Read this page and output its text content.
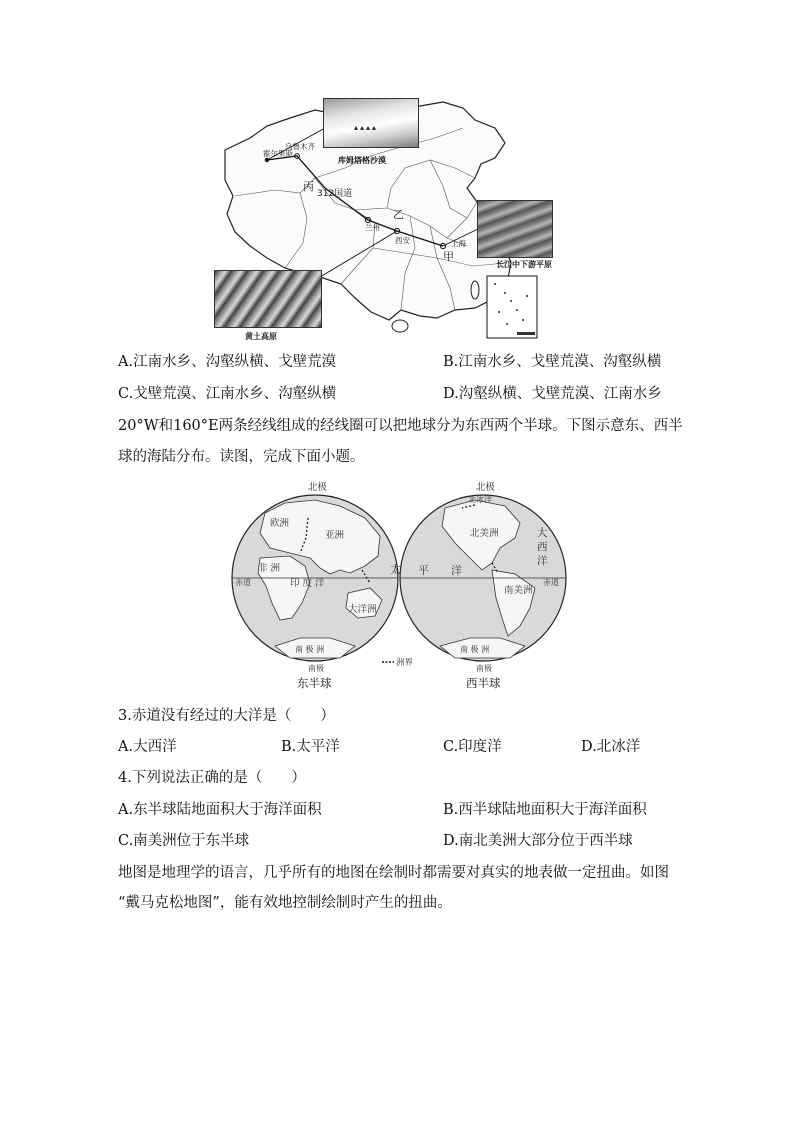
乌鲁木齐
霍尔果斯
丙
312国道
兰州
西安	上海
乙
甲
▴▴▴▴
库姆塔格沙漠
长江中下游平原
黄土高原
A.江南水乡、沟壑纵横、戈壁荒漠	B.江南水乡、戈壁荒漠、沟壑纵横
C.戈壁荒漠、江南水乡、沟壑纵横	D.沟壑纵横、戈壁荒漠、江南水乡
20°W和160°E两条经线组成的经线圈可以把地球分为东西两个半球。下图示意东、西半
球的海陆分布。读图，完成下面小题。
北极
欧洲
亚洲
非 洲
赤道	印 度 洋
大洋洲
太
南 极 洲
南极
北极
北冰洋
北美洲
平　　洋
赤道
南美洲
南 极 洲
南极
大西洋
洲界
东半球	西半球
3.赤道没有经过的大洋是（　　）
A.大西洋	B.太平洋	C.印度洋	D.北冰洋
4.下列说法正确的是（　　）
A.东半球陆地面积大于海洋面积	B.西半球陆地面积大于海洋面积
C.南美洲位于东半球	D.南北美洲大部分位于西半球
地图是地理学的语言，几乎所有的地图在绘制时都需要对真实的地表做一定扭曲。如图
“戴马克松地图”，能有效地控制绘制时产生的扭曲。
